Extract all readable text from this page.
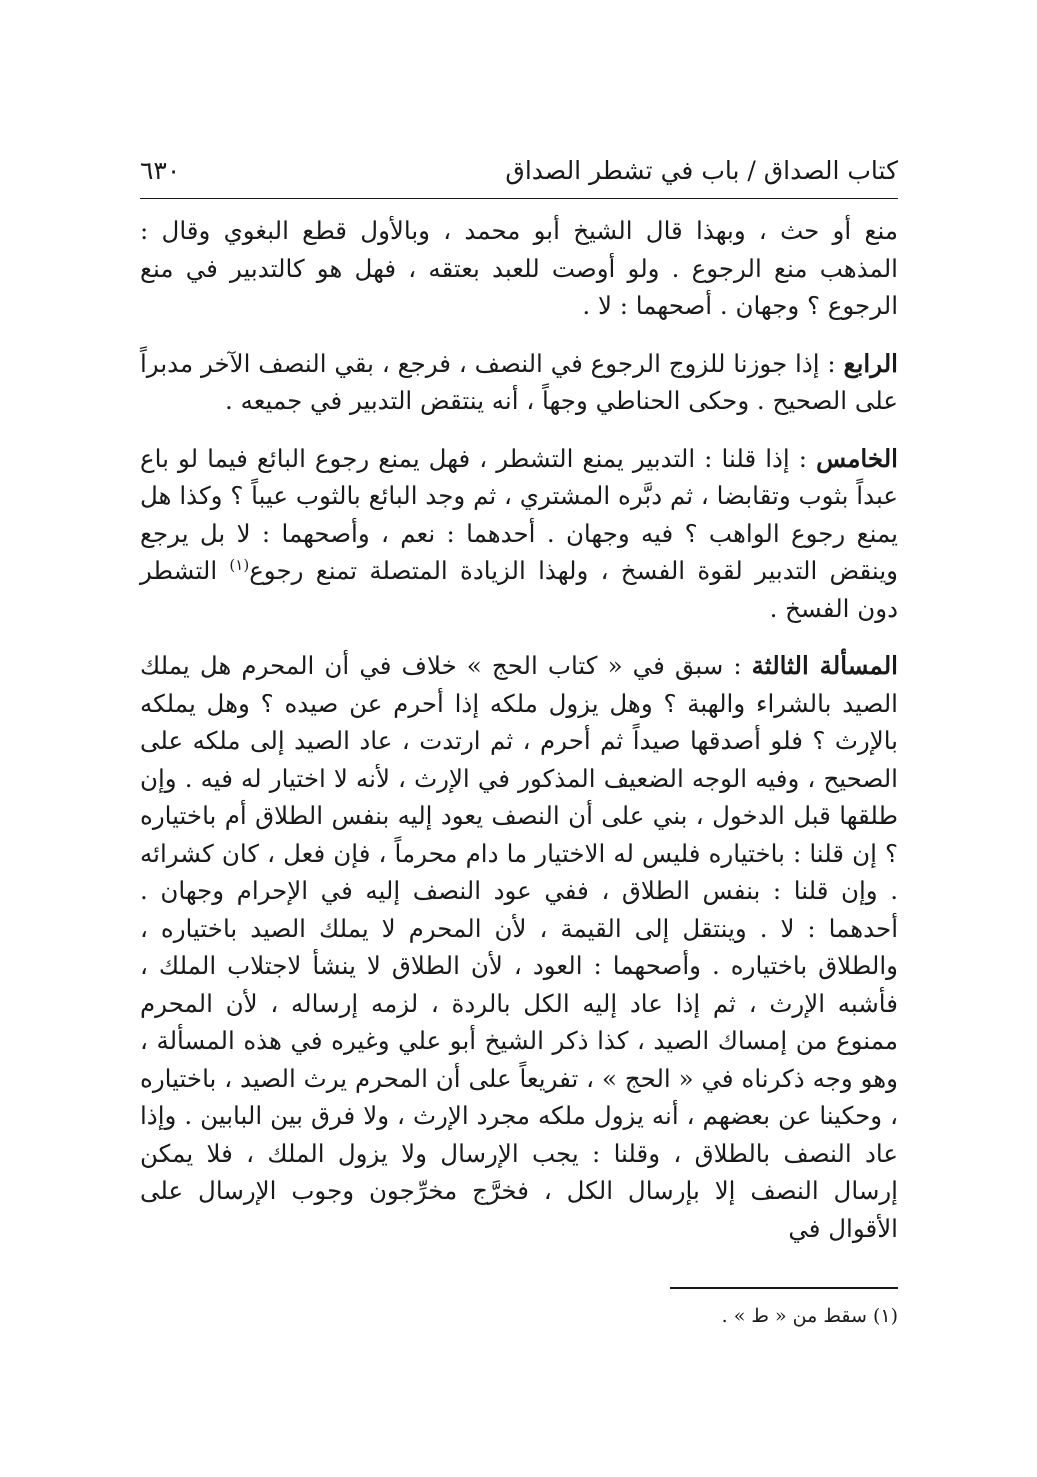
كتاب الصداق / باب في تشطر الصداق
٦٣٠

منع أو حث ، وبهذا قال الشيخ أبو محمد ، وبالأول قطع البغوي وقال : المذهب منع الرجوع . ولو أوصت للعبد بعتقه ، فهل هو كالتدبير في منع الرجوع ؟ وجهان . أصحهما : لا .

الرابع : إذا جوزنا للزوج الرجوع في النصف ، فرجع ، بقي النصف الآخر مدبراً على الصحيح . وحكى الحناطي وجهاً ، أنه ينتقض التدبير في جميعه .

الخامس : إذا قلنا : التدبير يمنع التشطر ، فهل يمنع رجوع البائع فيما لو باع عبداً بثوب وتقابضا ، ثم دبَّره المشتري ، ثم وجد البائع بالثوب عيباً ؟ وكذا هل يمنع رجوع الواهب ؟ فيه وجهان . أحدهما : نعم ، وأصحهما : لا بل يرجع وينقض التدبير لقوة الفسخ ، ولهذا الزيادة المتصلة تمنع رجوع$^{(١)}$ التشطر دون الفسخ .

المسألة الثالثة : سبق في « كتاب الحج » خلاف في أن المحرم هل يملك الصيد بالشراء والهبة ؟ وهل يزول ملكه إذا أحرم عن صيده ؟ وهل يملكه بالإرث ؟ فلو أصدقها صيداً ثم أحرم ، ثم ارتدت ، عاد الصيد إلى ملكه على الصحيح ، وفيه الوجه الضعيف المذكور في الإرث ، لأنه لا اختيار له فيه . وإن طلقها قبل الدخول ، بني على أن النصف يعود إليه بنفس الطلاق أم باختياره ؟ إن قلنا : باختياره فليس له الاختيار ما دام محرماً ، فإن فعل ، كان كشرائه . وإن قلنا : بنفس الطلاق ، ففي عود النصف إليه في الإحرام وجهان . أحدهما : لا . وينتقل إلى القيمة ، لأن المحرم لا يملك الصيد باختياره ، والطلاق باختياره . وأصحهما : العود ، لأن الطلاق لا ينشأ لاجتلاب الملك ، فأشبه الإرث ، ثم إذا عاد إليه الكل بالردة ، لزمه إرساله ، لأن المحرم ممنوع من إمساك الصيد ، كذا ذكر الشيخ أبو علي وغيره في هذه المسألة ، وهو وجه ذكرناه في « الحج » ، تفريعاً على أن المحرم يرث الصيد ، باختياره ، وحكينا عن بعضهم ، أنه يزول ملكه مجرد الإرث ، ولا فرق بين البابين . وإذا عاد النصف بالطلاق ، وقلنا : يجب الإرسال ولا يزول الملك ، فلا يمكن إرسال النصف إلا بإرسال الكل ، فخرَّج مخرِّجون وجوب الإرسال على الأقوال في

(١) سقط من « ط » .
